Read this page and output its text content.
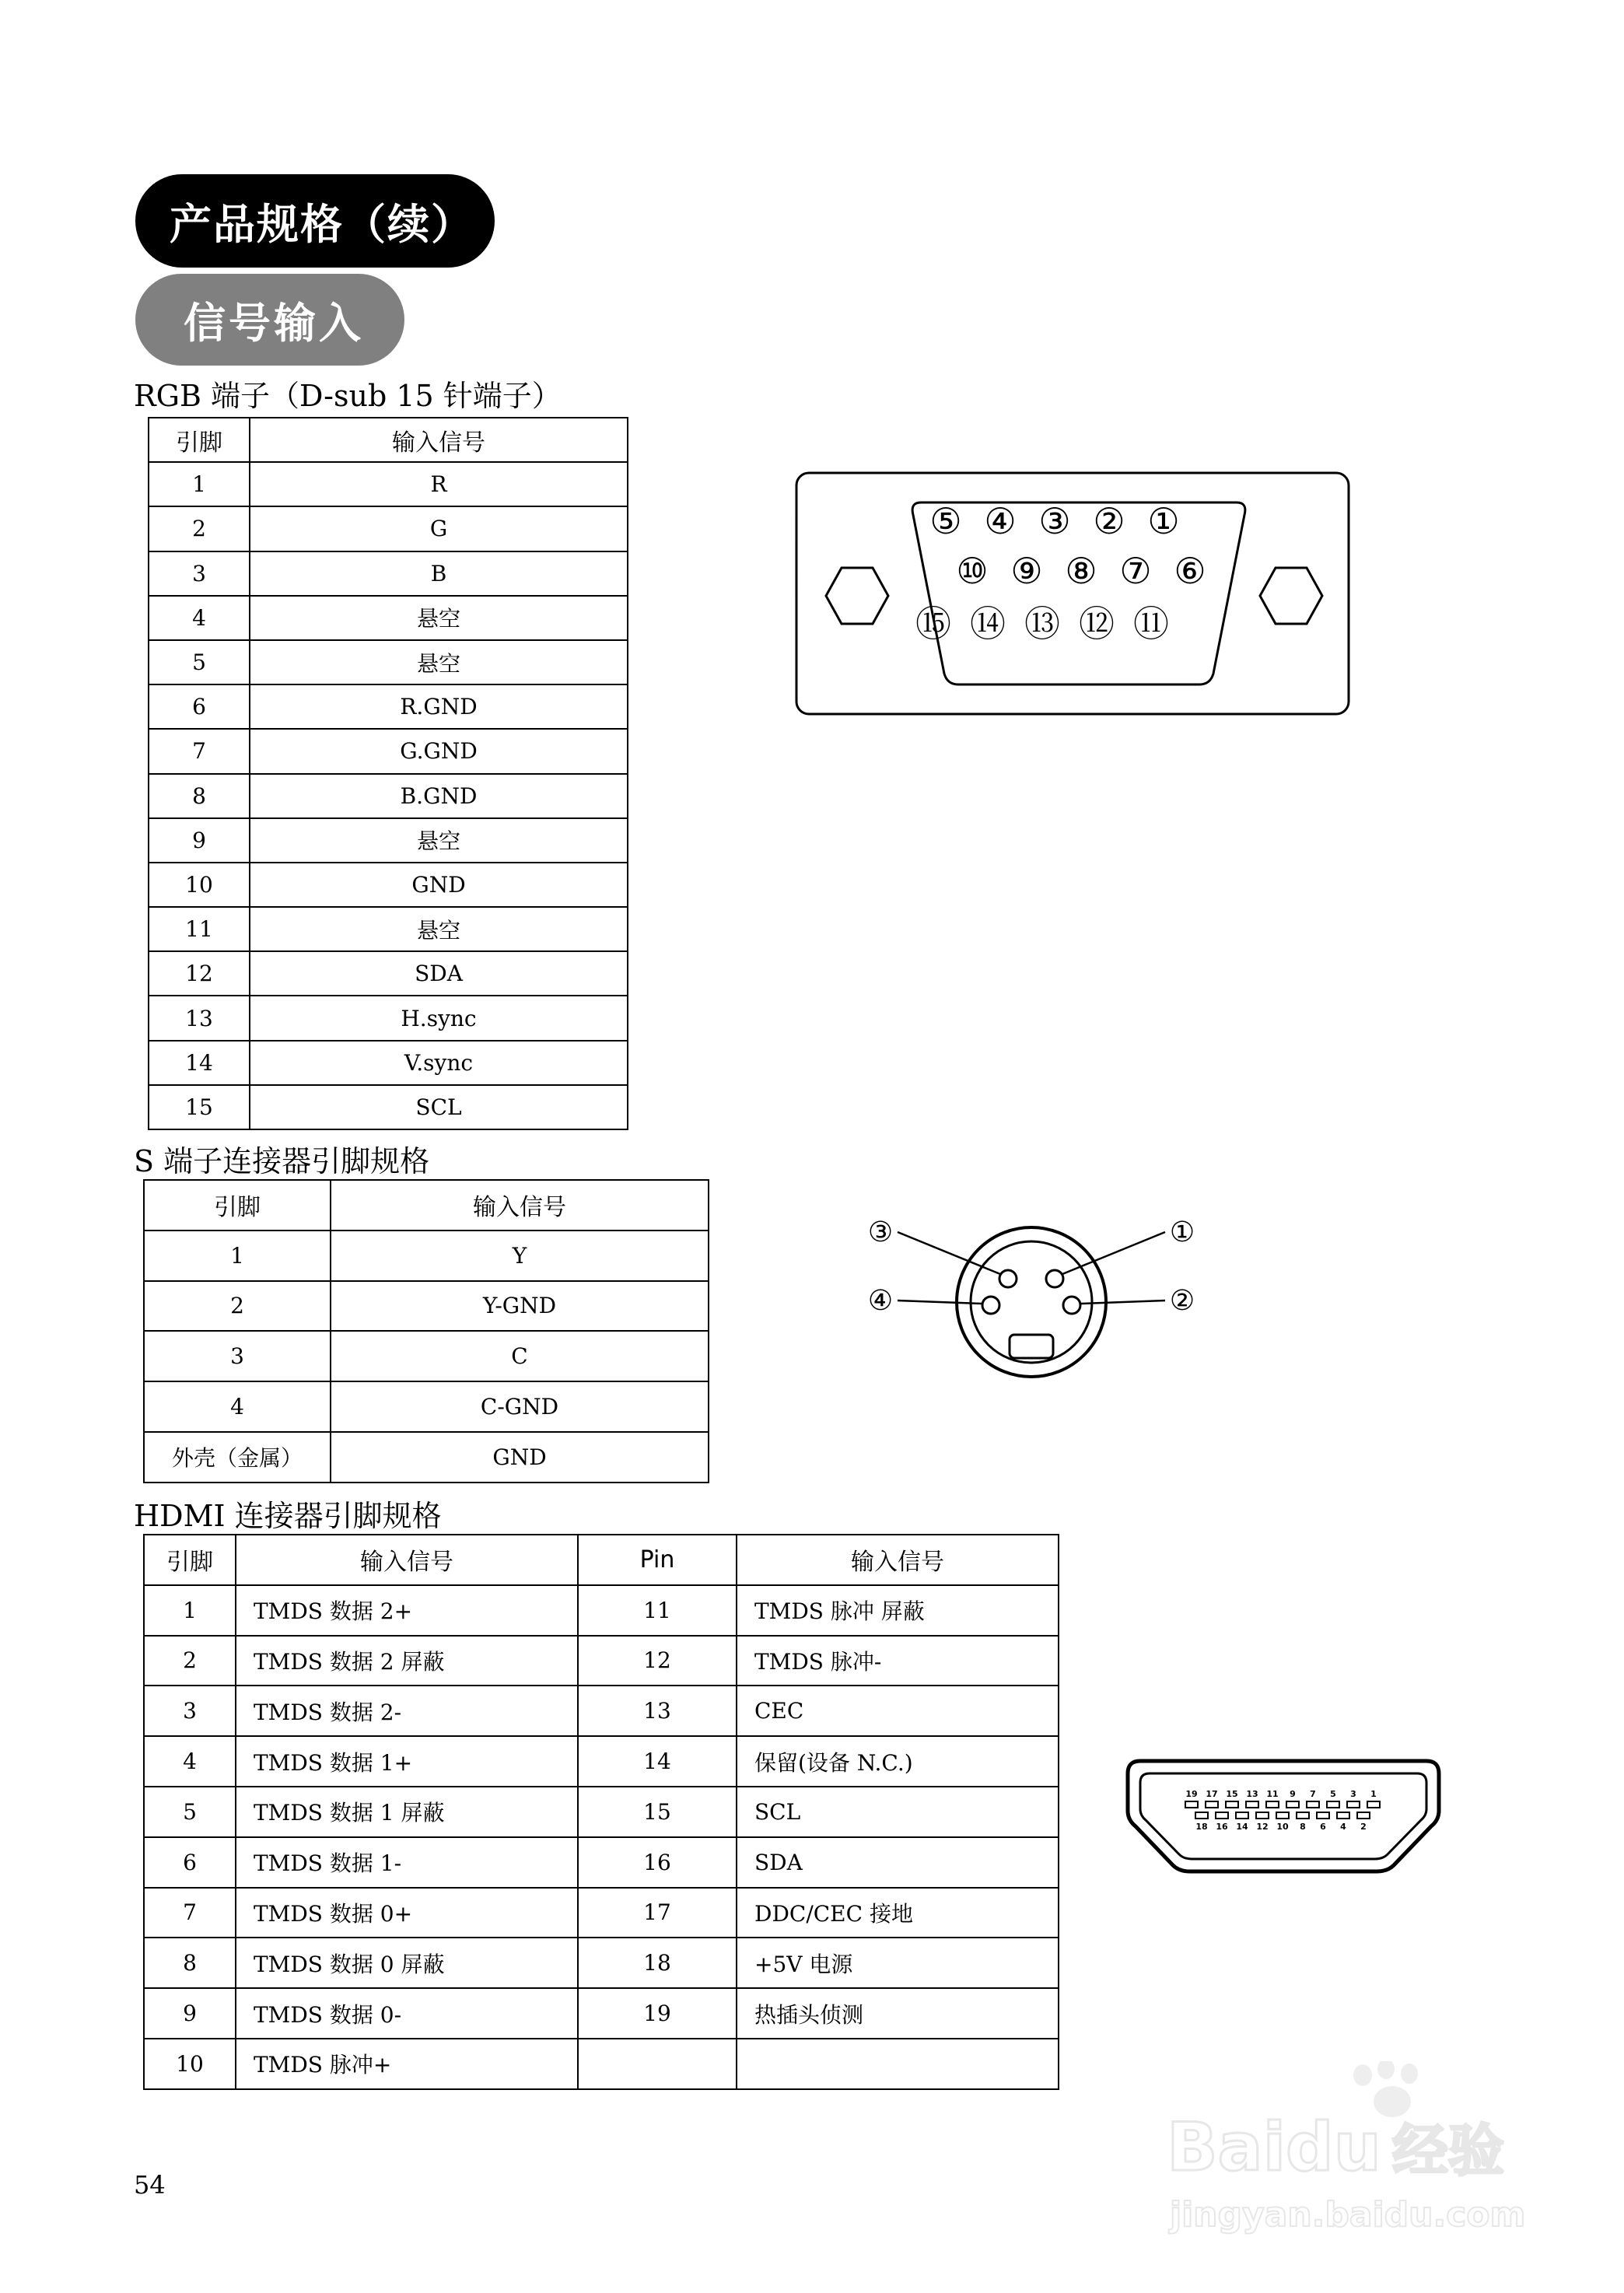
产品规格（续）
信号输入
RGB 端子（D-sub 15 针端子）
引脚	输入信号
1	R
2	G
3	B
4	悬空
5	悬空
6	R.GND
7	G.GND
8	B.GND
9	悬空
10	GND
11	悬空
12	SDA
13	H.sync
14	V.sync
15	SCL
⑤ ④ ③ ② ①
⑩ ⑨ ⑧ ⑦ ⑥
⑮ ⑭ ⑬ ⑫ ⑪
S 端子连接器引脚规格
引脚	输入信号
1	Y
2	Y-GND
3	C
4	C-GND
外壳（金属）	GND
③	①
④	②
HDMI 连接器引脚规格
引脚	输入信号	Pin	输入信号
1	TMDS 数据 2+	11	TMDS 脉冲 屏蔽
2	TMDS 数据 2 屏蔽	12	TMDS 脉冲-
3	TMDS 数据 2-	13	CEC
4	TMDS 数据 1+	14	保留(设备 N.C.)
5	TMDS 数据 1 屏蔽	15	SCL
6	TMDS 数据 1-	16	SDA
7	TMDS 数据 0+	17	DDC/CEC 接地
8	TMDS 数据 0 屏蔽	18	+5V 电源
9	TMDS 数据 0-	19	热插头侦测
10	TMDS 脉冲+		
19 17 15 13 11 9 7 5 3 1
18 16 14 12 10 8 6 4 2
54	Baidu 经验
jingyan.baidu.com
